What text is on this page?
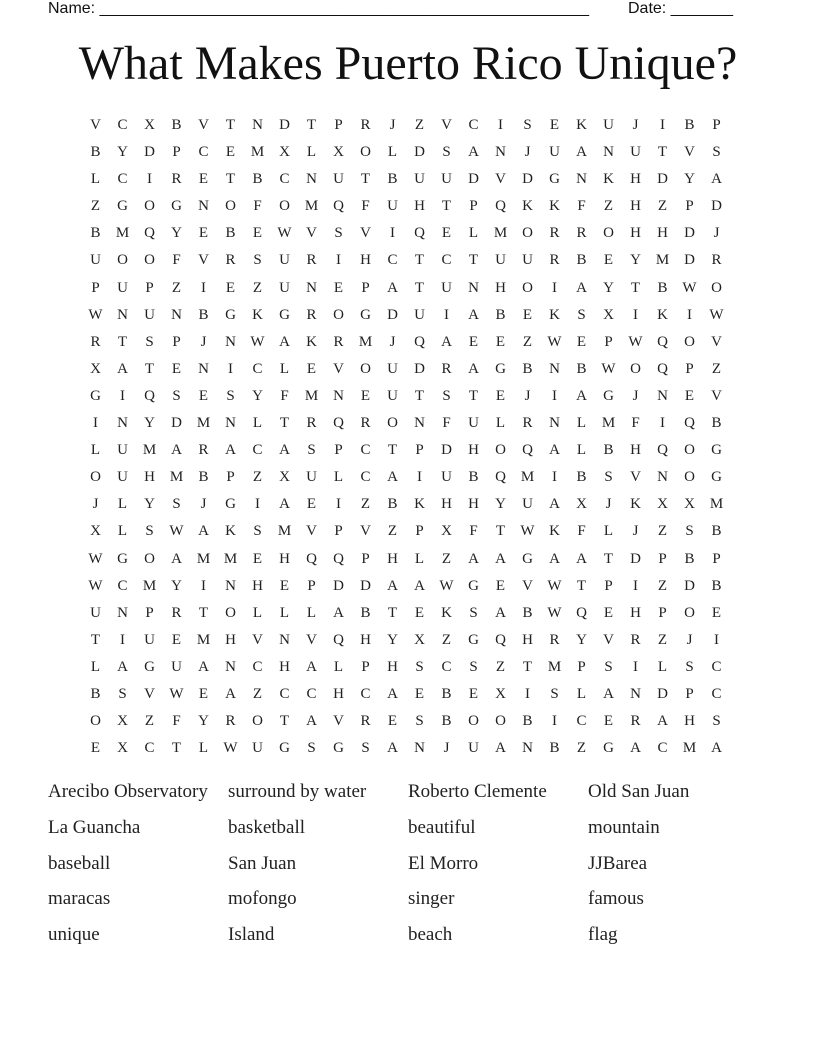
Name: _______________________________________________________ Date: _______
What Makes Puerto Rico Unique?
V	C	X	B	V	T	N	D	T	P	R	J	Z	V	C	I	S	E	K	U	J	I	B	P
B	Y	D	P	C	E	M X	L	X	O	L	D	S	A	N	J	U	A	N	U	T	V	S
L	C	I	R	E	T	B	C	N	U	T	B	U	U	D	V	D	G	N	K	H	D	Y	A
Z	G	O	G	N	O	F	O M Q	F	U	H	T	P	Q	K	K	F	Z	H	Z	P	D
B	M Q	Y	E	B	E	W V	S	V	I	Q	E	L	M O	R	R	O	H	H	D	J
U	O	O	F	V	R	S	U	R	I	H	C	T	C	T	U	U	R	B	E	Y M D	R
P	U	P	Z	I	E	Z	U	N	E	P	A	T	U	N	H	O	I	A	Y	T	B W O
W N	U	N	B	G	K	G	R	O	G	D	U	I	A	B	E	K	S	X	I	K	I	W
R	T	S	P	J	N W A	K	R	M	J	Q	A	E	E	Z	W	E	P	W Q	O	V
X	A	T	E	N	I	C	L	E	V	O	U	D	R	A	G	B	N	B W O	Q	P	Z
G	I	Q	S	E	S	Y	F	M N	E	U	T	S	T	E	J	I	A	G	J	N	E	V
I	N	Y	D M N	L	T	R	Q	R	O	N	F	U	L	R	N	L	M	F	I	Q	B
L	U M A	R	A	C	A	S	P	C	T	P	D	H	O	Q	A	L	B	H	Q	O	G
O	U	H M	B	P	Z	X	U	L	C	A	I	U	B	Q M	I	B	S	V	N	O	G
J	L	Y	S	J	G	I	A	E	I	Z	B	K	H	H	Y	U	A	X	J	K	X	X M
X	L	S	W A	K	S	M V	P	V	Z	P	X	F	T	W K	F	L	J	Z	S	B
W G	O	A M M	E	H	Q	Q	P	H	L	Z	A	A	G	A	A	T	D	P	B	P
W C	M Y	I	N	H	E	P	D	D	A	A W G	E	V W	T	P	I	Z	D	B
U	N	P	R	T	O	L	L	L	A	B	T	E	K	S	A	B W Q	E	H	P	O	E
T	I	U	E	M H	V	N	V	Q	H	Y	X	Z	G	Q	H	R	Y	V	R	Z	J	I
L	A	G	U	A	N	C	H	A	L	P	H	S	C	S	Z	T	M	P	S	I	L	S	C
B	S	V W	E	A	Z	C	C	H	C	A	E	B	E	X	I	S	L	A	N	D	P	C
O	X	Z	F	Y	R	O	T	A	V	R	E	S	B	O	O	B	I	C	E	R	A	H	S
E	X	C	T	L	W U	G	S	G	S	A	N	J	U	A	N	B	Z	G	A	C	M A
Arecibo Observatory	surround by water	Roberto Clemente	Old San Juan
La Guancha	basketball	beautiful	mountain
baseball	San Juan	El Morro	JJBarea
maracas	mofongo	singer	famous
unique	Island	beach	flag
